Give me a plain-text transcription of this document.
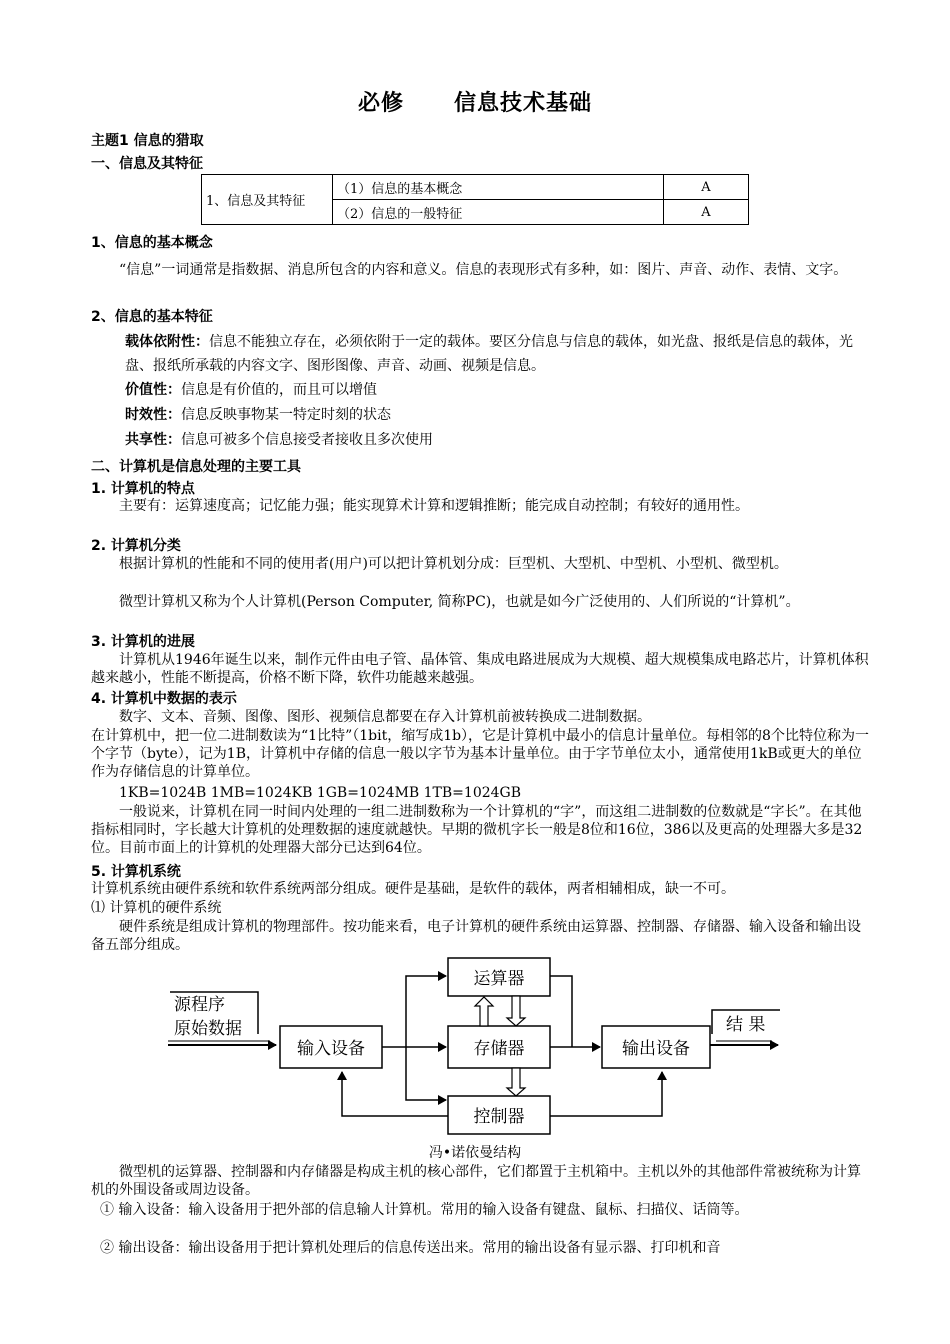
必修 信息技术基础
主题1 信息的猎取
一、信息及其特征
1、信息及其特征	（1）信息的基本概念	A
	（2）信息的一般特征	A
1、信息的基本概念
“信息”一词通常是指数据、消息所包含的内容和意义。信息的表现形式有多种，如：图片、声音、动作、表情、文字。
2、信息的基本特征
载体依附性：信息不能独立存在，必须依附于一定的载体。要区分信息与信息的载体，如光盘、报纸是信息的载体，光盘、报纸所承载的内容文字、图形图像、声音、动画、视频是信息。
价值性：信息是有价值的，而且可以增值
时效性：信息反映事物某一特定时刻的状态
共享性：信息可被多个信息接受者接收且多次使用
二、计算机是信息处理的主要工具
1. 计算机的特点
主要有：运算速度高；记忆能力强；能实现算术计算和逻辑推断；能完成自动控制；有较好的通用性。
2. 计算机分类
根据计算机的性能和不同的使用者(用户)可以把计算机划分成：巨型机、大型机、中型机、小型机、微型机。
微型计算机又称为个人计算机(Person Computer, 简称PC)，也就是如今广泛使用的、人们所说的“计算机”。
3. 计算机的进展
计算机从1946年诞生以来，制作元件由电子管、晶体管、集成电路进展成为大规模、超大规模集成电路芯片，计算机体积越来越小，性能不断提高，价格不断下降，软件功能越来越强。
4. 计算机中数据的表示
数字、文本、音频、图像、图形、视频信息都要在存入计算机前被转换成二进制数据。
在计算机中，把一位二进制数读为“1比特”（1bit，缩写成1b），它是计算机中最小的信息计量单位。每相邻的8个比特位称为一个字节（byte），记为1B，计算机中存储的信息一般以字节为基本计量单位。由于字节单位太小，通常使用1kB或更大的单位作为存储信息的计算单位。
1KB=1024B 1MB=1024KB 1GB=1024MB 1TB=1024GB
一般说来，计算机在同一时间内处理的一组二进制数称为一个计算机的“字”，而这组二进制数的位数就是“字长”。在其他指标相同时，字长越大计算机的处理数据的速度就越快。早期的微机字长一般是8位和16位，386以及更高的处理器大多是32位。目前市面上的计算机的处理器大部分已达到64位。
5. 计算机系统
计算机系统由硬件系统和软件系统两部分组成。硬件是基础，是软件的载体，两者相辅相成，缺一不可。
⑴ 计算机的硬件系统
硬件系统是组成计算机的物理部件。按功能来看，电子计算机的硬件系统由运算器、控制器、存储器、输入设备和输出设备五部分组成。
源程序
原始数据
输入设备
运算器
存储器
控制器
输出设备
结 果
冯•诺依曼结构
微型机的运算器、控制器和内存储器是构成主机的核心部件，它们都置于主机箱中。主机以外的其他部件常被统称为计算机的外围设备或周边设备。
① 输入设备：输入设备用于把外部的信息输人计算机。常用的输入设备有键盘、鼠标、扫描仪、话筒等。
② 输出设备：输出设备用于把计算机处理后的信息传送出来。常用的输出设备有显示器、打印机和音
